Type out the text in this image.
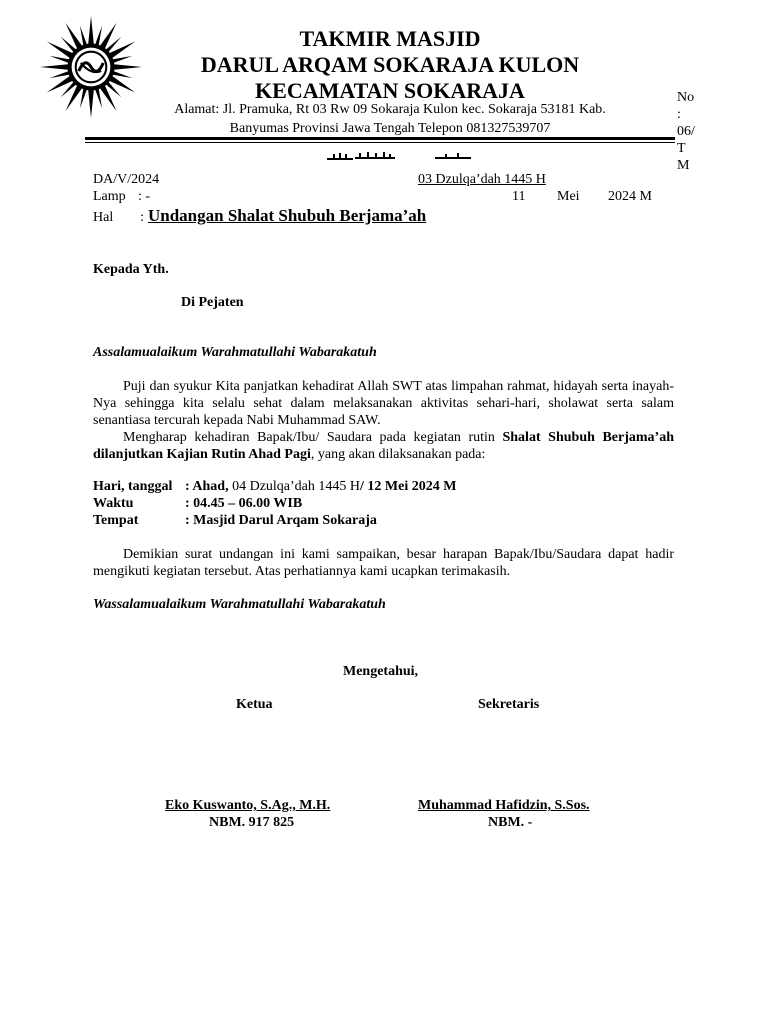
TAKMIR MASJID
DARUL ARQAM SOKARAJA KULON
KECAMATAN SOKARAJA
Alamat: Jl. Pramuka, Rt 03 Rw 09 Sokaraja Kulon kec. Sokaraja 53181 Kab.
Banyumas Provinsi Jawa Tengah Telepon 081327539707
No
:
06/
T
M
DA/V/2024	03 Dzulqa’dah 1445 H
Lamp : -	11 Mei 2024 M
Hal : Undangan Shalat Shubuh Berjama’ah
Kepada Yth.
Di Pejaten
Assalamualaikum Warahmatullahi Wabarakatuh

Puji dan syukur Kita panjatkan kehadirat Allah SWT atas limpahan rahmat, hidayah serta inayah-Nya sehingga kita selalu sehat dalam melaksanakan aktivitas sehari-hari, sholawat serta salam senantiasa tercurah kepada Nabi Muhammad SAW.

Mengharap kehadiran Bapak/Ibu/ Saudara pada kegiatan rutin Shalat Shubuh Berjama’ah dilanjutkan Kajian Rutin Ahad Pagi, yang akan dilaksanakan pada:

Hari, tanggal : Ahad, 04 Dzulqa’dah 1445 H/ 12 Mei 2024 M
Waktu	: 04.45 – 06.00 WIB
Tempat	: Masjid Darul Arqam Sokaraja

Demikian surat undangan ini kami sampaikan, besar harapan Bapak/Ibu/Saudara dapat hadir mengikuti kegiatan tersebut. Atas perhatiannya kami ucapkan terimakasih.

Wassalamualaikum Warahmatullahi Wabarakatuh
Mengetahui,
Ketua	Sekretaris
Eko Kuswanto, S.Ag., M.H.
NBM. 917 825
Muhammad Hafidzin, S.Sos.
NBM. -
